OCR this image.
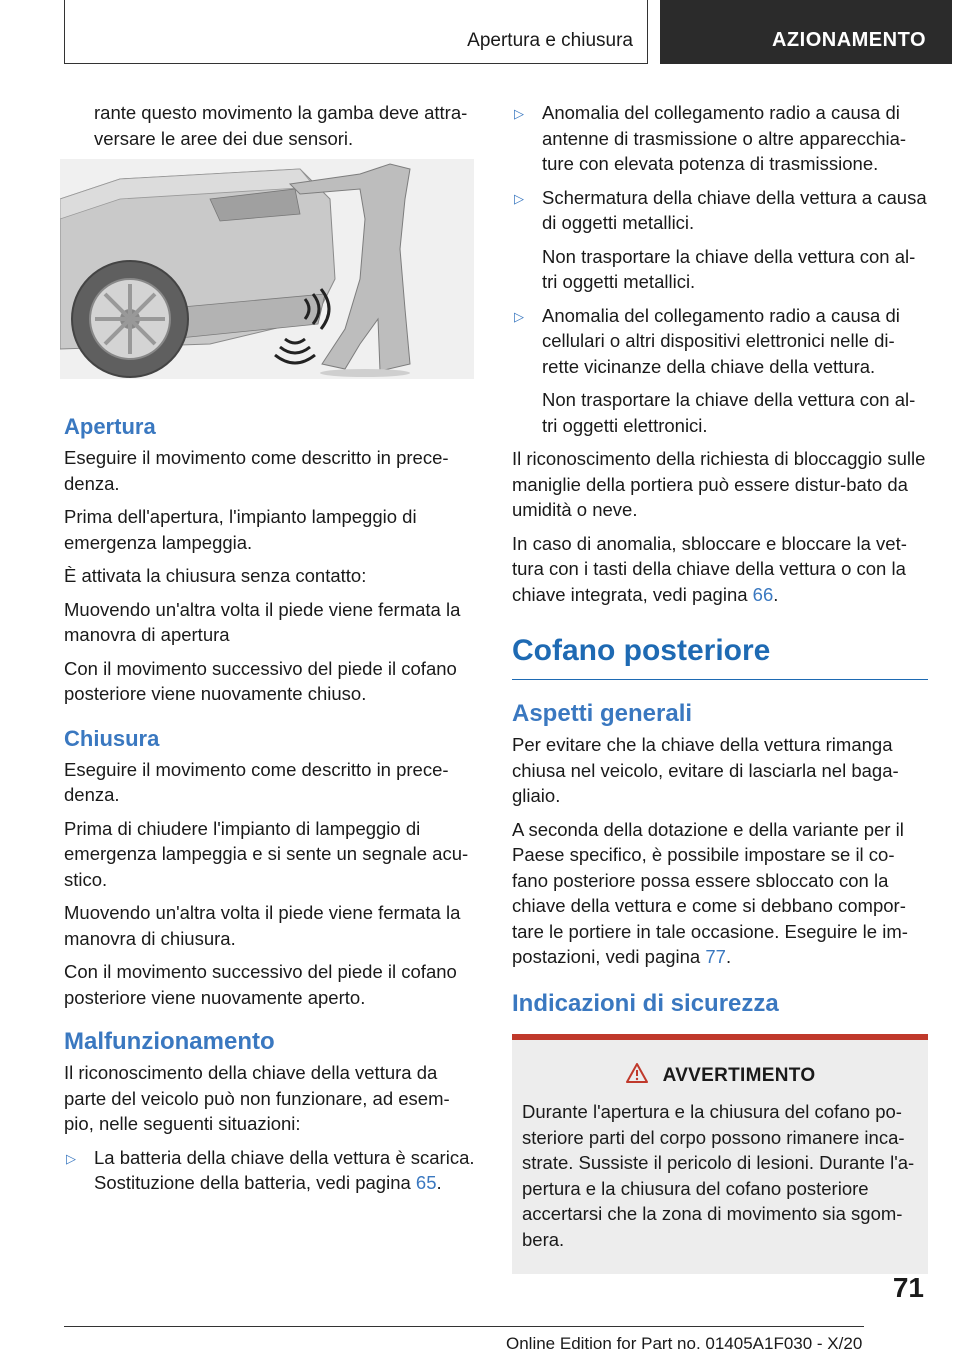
Apertura e chiusura	AZIONAMENTO

rante questo movimento la gamba deve attra-versare le aree dei due sensori.

Apertura

Eseguire il movimento come descritto in prece-denza.

Prima dell'apertura, l'impianto lampeggio di emergenza lampeggia.

È attivata la chiusura senza contatto:

Muovendo un'altra volta il piede viene fermata la manovra di apertura

Con il movimento successivo del piede il cofano posteriore viene nuovamente chiuso.

Chiusura

Eseguire il movimento come descritto in prece-denza.

Prima di chiudere l'impianto di lampeggio di emergenza lampeggia e si sente un segnale acu-stico.

Muovendo un'altra volta il piede viene fermata la manovra di chiusura.

Con il movimento successivo del piede il cofano posteriore viene nuovamente aperto.

Malfunzionamento

Il riconoscimento della chiave della vettura da parte del veicolo può non funzionare, ad esem-pio, nelle seguenti situazioni:

▷ La batteria della chiave della vettura è scarica. Sostituzione della batteria, vedi pagina 65.
▷ Anomalia del collegamento radio a causa di antenne di trasmissione o altre apparecchia-ture con elevata potenza di trasmissione.

▷ Schermatura della chiave della vettura a causa di oggetti metallici.

Non trasportare la chiave della vettura con al-tri oggetti metallici.

▷ Anomalia del collegamento radio a causa di cellulari o altri dispositivi elettronici nelle di-rette vicinanze della chiave della vettura.

Non trasportare la chiave della vettura con al-tri oggetti elettronici.

Il riconoscimento della richiesta di bloccaggio sulle maniglie della portiera può essere distur-bato da umidità o neve.

In caso di anomalia, sbloccare e bloccare la vet-tura con i tasti della chiave della vettura o con la chiave integrata, vedi pagina 66.

Cofano posteriore
Aspetti generali

Per evitare che la chiave della vettura rimanga chiusa nel veicolo, evitare di lasciarla nel baga-gliaio.

A seconda della dotazione e della variante per il Paese specifico, è possibile impostare se il co-fano posteriore possa essere sbloccato con la chiave della vettura e come si debbano compor-tare le portiere in tale occasione. Eseguire le im-postazioni, vedi pagina 77.

Indicazioni di sicurezza
AVVERTIMENTO

Durante l'apertura e la chiusura del cofano po-steriore parti del corpo possono rimanere inca-strate. Sussiste il pericolo di lesioni. Durante l'a-pertura e la chiusura del cofano posteriore accertarsi che la zona di movimento sia sgom-bera.

71
Online Edition for Part no. 01405A1F030 - X/20
